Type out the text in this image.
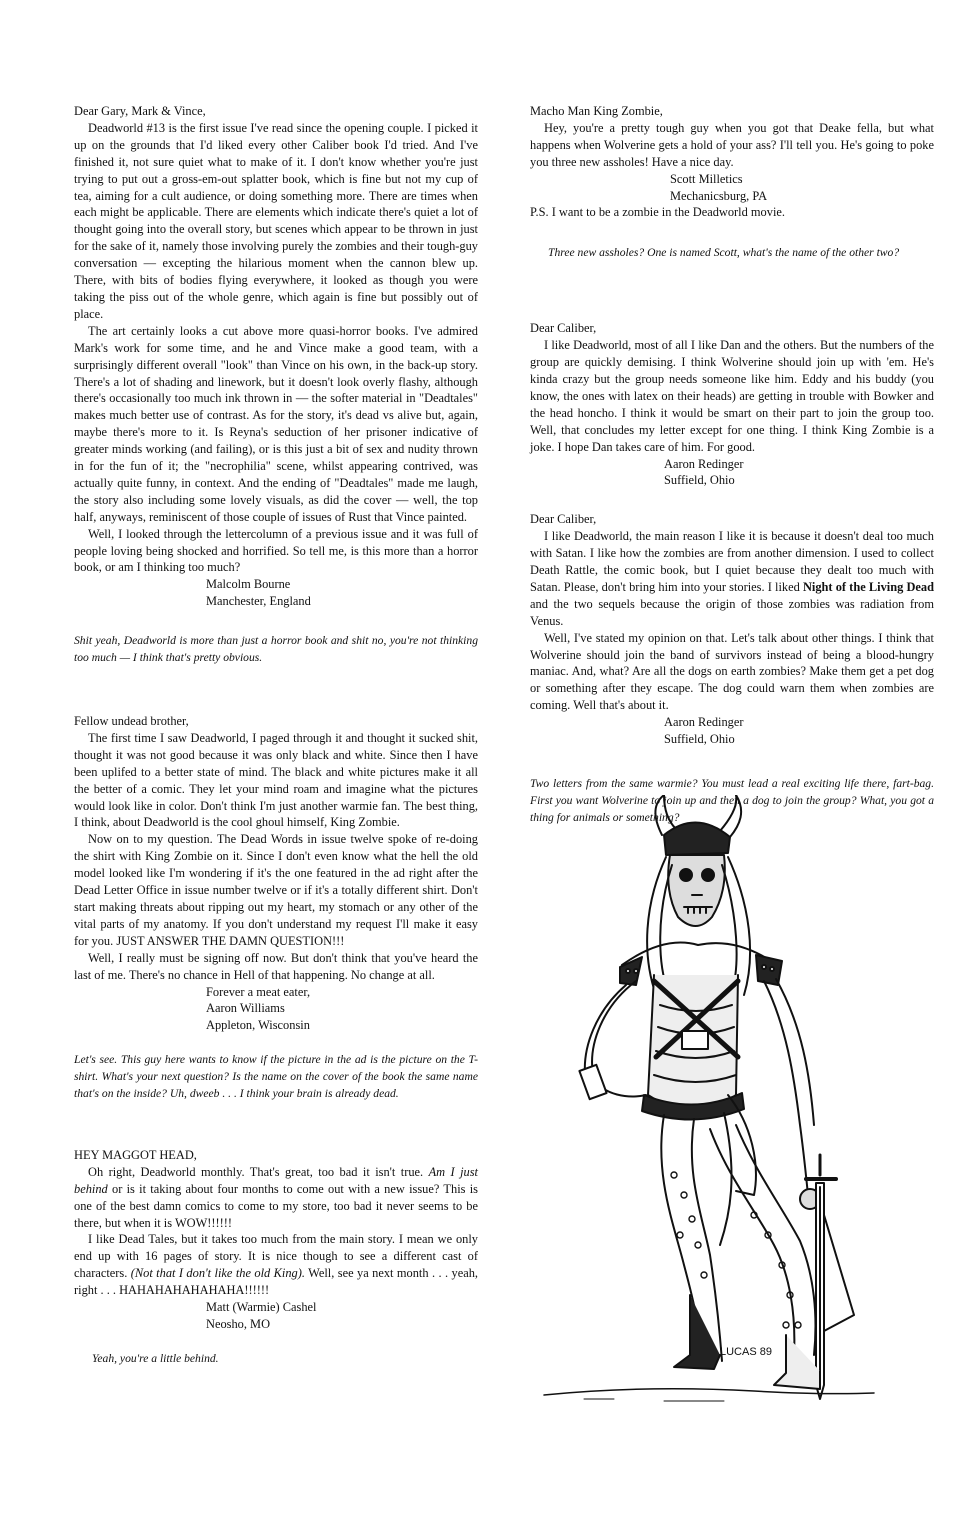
Dear Gary, Mark & Vince,

Deadworld #13 is the first issue I've read since the opening couple. I picked it up on the grounds that I'd liked every other Caliber book I'd tried. And I've finished it, not sure quiet what to make of it. I don't know whether you're just trying to put out a gross-em-out splatter book, which is fine but not my cup of tea, aiming for a cult audience, or doing something more. There are times when each might be applicable. There are elements which indicate there's quiet a lot of thought going into the overall story, but scenes which appear to be thrown in just for the sake of it, namely those involving purely the zombies and their tough-guy conversation — excepting the hilarious moment when the cannon blew up. There, with bits of bodies flying everywhere, it looked as though you were taking the piss out of the whole genre, which again is fine but possibly out of place.

The art certainly looks a cut above more quasi-horror books. I've admired Mark's work for some time, and he and Vince make a good team, with a surprisingly different overall "look" than Vince on his own, in the back-up story. There's a lot of shading and linework, but it doesn't look overly flashy, although there's occasionally too much ink thrown in — the softer material in "Deadtales" makes much better use of contrast. As for the story, it's dead vs alive but, again, maybe there's more to it. Is Reyna's seduction of her prisoner indicative of greater minds working (and failing), or is this just a bit of sex and nudity thrown in for the fun of it; the "necrophilia" scene, whilst appearing contrived, was actually quite funny, in context. And the ending of "Deadtales" made me laugh, the story also including some lovely visuals, as did the cover — well, the top half, anyways, reminiscent of those couple of issues of Rust that Vince painted.

Well, I looked through the lettercolumn of a previous issue and it was full of people loving being shocked and horrified. So tell me, is this more than a horror book, or am I thinking too much?

Malcolm Bourne

Manchester, England

Shit yeah, Deadworld is more than just a horror book and shit no, you're not thinking too much — I think that's pretty obvious.

Fellow undead brother,

The first time I saw Deadworld, I paged through it and thought it sucked shit, thought it was not good because it was only black and white. Since then I have been uplifed to a better state of mind. The black and white pictures make it all the better of a comic. They let your mind roam and imagine what the pictures would look like in color. Don't think I'm just another warmie fan. The best thing, I think, about Deadworld is the cool ghoul himself, King Zombie.

Now on to my question. The Dead Words in issue twelve spoke of re-doing the shirt with King Zombie on it. Since I don't even know what the hell the old model looked like I'm wondering if it's the one featured in the ad right after the Dead Letter Office in issue number twelve or if it's a totally different shirt. Don't start making threats about ripping out my heart, my stomach or any other of the vital parts of my anatomy. If you don't understand my request I'll make it easy for you. JUST ANSWER THE DAMN QUESTION!!!

Well, I really must be signing off now. But don't think that you've heard the last of me. There's no chance in Hell of that happening. No change at all.

Forever a meat eater,

Aaron Williams

Appleton, Wisconsin

Let's see. This guy here wants to know if the picture in the ad is the picture on the T-shirt. What's your next question? Is the name on the cover of the book the same name that's on the inside? Uh, dweeb . . . I think your brain is already dead.

HEY MAGGOT HEAD,

Oh right, Deadworld monthly. That's great, too bad it isn't true. Am I just behind or is it taking about four months to come out with a new issue? This is one of the best damn comics to come to my store, too bad it never seems to be there, but when it is WOW!!!!!!

I like Dead Tales, but it takes too much from the main story. I mean we only end up with 16 pages of story. It is nice though to see a different cast of characters. (Not that I don't like the old King). Well, see ya next month . . . yeah, right . . . HAHAHAHAHAHAHA!!!!!!

Matt (Warmie) Cashel

Neosho, MO

Yeah, you're a little behind.

Macho Man King Zombie,

Hey, you're a pretty tough guy when you got that Deake fella, but what happens when Wolverine gets a hold of your ass? I'll tell you. He's going to poke you three new assholes! Have a nice day.

Scott Milletics

Mechanicsburg, PA

P.S. I want to be a zombie in the Deadworld movie.

Three new assholes? One is named Scott, what's the name of the other two?

Dear Caliber,

I like Deadworld, most of all I like Dan and the others. But the numbers of the group are quickly demising. I think Wolverine should join up with 'em. He's kinda crazy but the group needs someone like him. Eddy and his buddy (you know, the ones with latex on their heads) are getting in trouble with Bowker and the head honcho. I think it would be smart on their part to join the group too. Well, that concludes my letter except for one thing. I think King Zombie is a joke. I hope Dan takes care of him. For good.

Aaron Redinger

Suffield, Ohio

Dear Caliber,

I like Deadworld, the main reason I like it is because it doesn't deal too much with Satan. I like how the zombies are from another dimension. I used to collect Death Rattle, the comic book, but I quiet because they dealt too much with Satan. Please, don't bring him into your stories. I liked Night of the Living Dead and the two sequels because the origin of those zombies was radiation from Venus.

Well, I've stated my opinion on that. Let's talk about other things. I think that Wolverine should join the band of survivors instead of being a blood-hungry maniac. And, what? Are all the dogs on earth zombies? Make them get a pet dog or something after they escape. The dog could warn them when zombies are coming. Well that's about it.

Aaron Redinger

Suffield, Ohio

Two letters from the same warmie? You must lead a real exciting life there, fart-bag. First you want Wolverine to join up and then a dog to join the group? What, you got a thing for animals or something?

LUCAS 89
